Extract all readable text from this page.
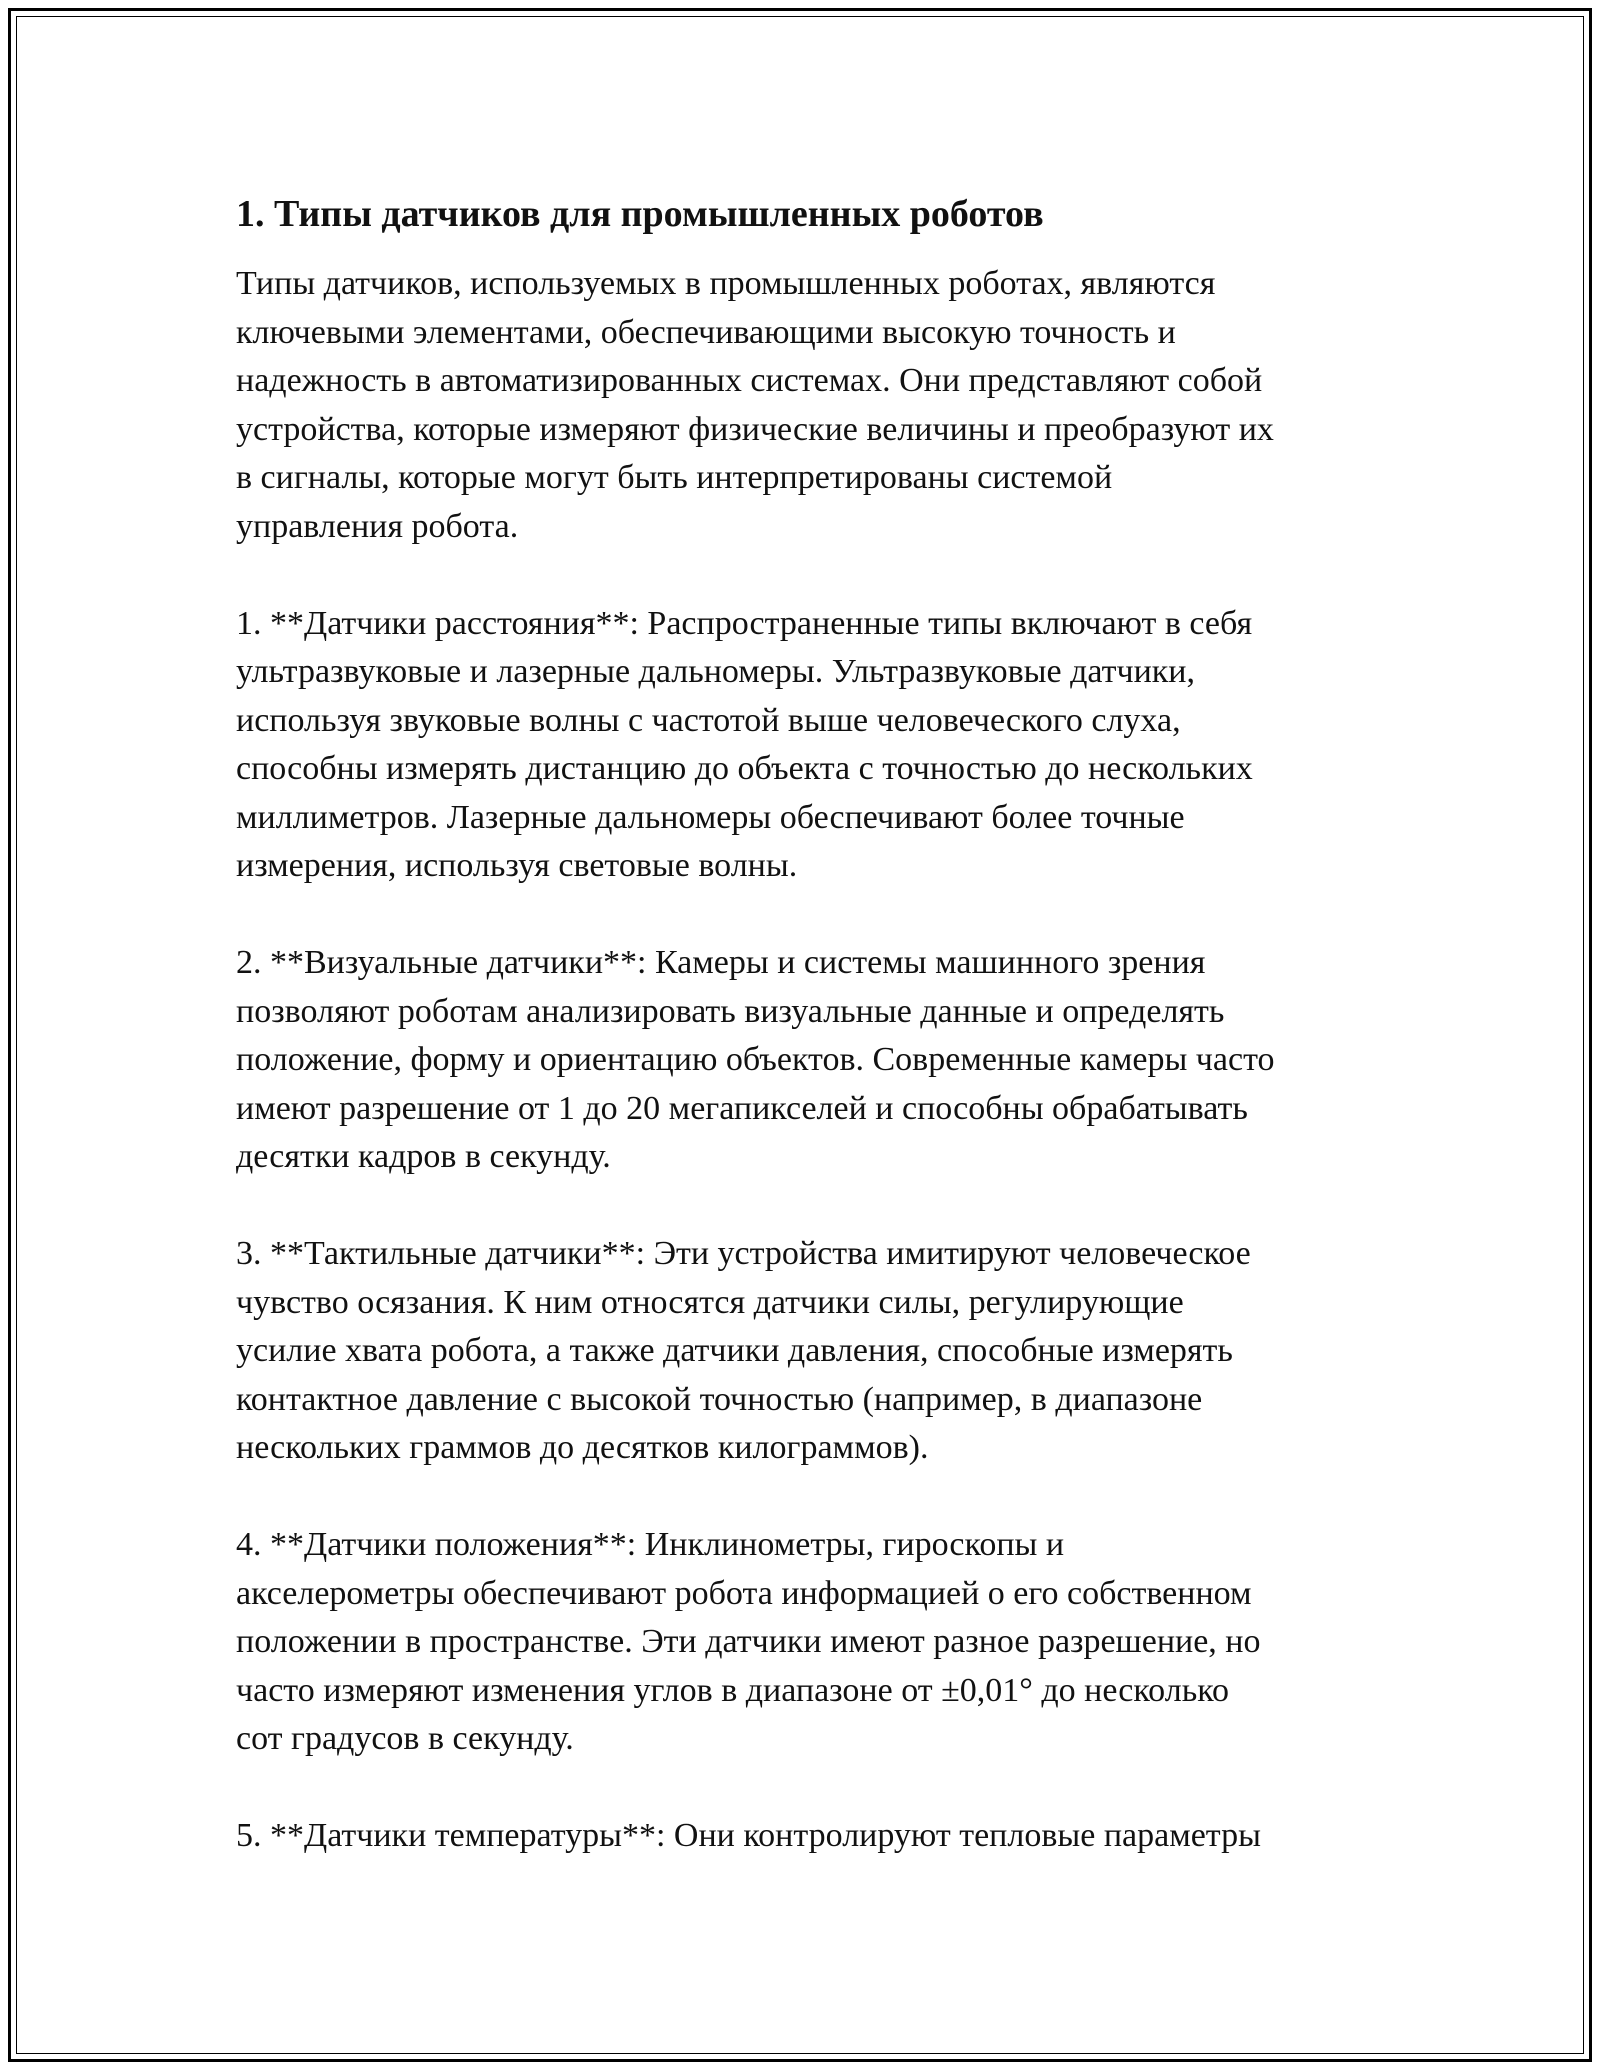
1. Типы датчиков для промышленных роботов

Типы датчиков, используемых в промышленных роботах, являются
ключевыми элементами, обеспечивающими высокую точность и
надежность в автоматизированных системах. Они представляют собой
устройства, которые измеряют физические величины и преобразуют их
в сигналы, которые могут быть интерпретированы системой
управления робота.

1. **Датчики расстояния**: Распространенные типы включают в себя
ультразвуковые и лазерные дальномеры. Ультразвуковые датчики,
используя звуковые волны с частотой выше человеческого слуха,
способны измерять дистанцию до объекта с точностью до нескольких
миллиметров. Лазерные дальномеры обеспечивают более точные
измерения, используя световые волны.

2. **Визуальные датчики**: Камеры и системы машинного зрения
позволяют роботам анализировать визуальные данные и определять
положение, форму и ориентацию объектов. Современные камеры часто
имеют разрешение от 1 до 20 мегапикселей и способны обрабатывать
десятки кадров в секунду.

3. **Тактильные датчики**: Эти устройства имитируют человеческое
чувство осязания. К ним относятся датчики силы, регулирующие
усилие хвата робота, а также датчики давления, способные измерять
контактное давление с высокой точностью (например, в диапазоне
нескольких граммов до десятков килограммов).

4. **Датчики положения**: Инклинометры, гироскопы и
акселерометры обеспечивают робота информацией о его собственном
положении в пространстве. Эти датчики имеют разное разрешение, но
часто измеряют изменения углов в диапазоне от ±0,01° до несколько
сот градусов в секунду.

5. **Датчики температуры**: Они контролируют тепловые параметры
